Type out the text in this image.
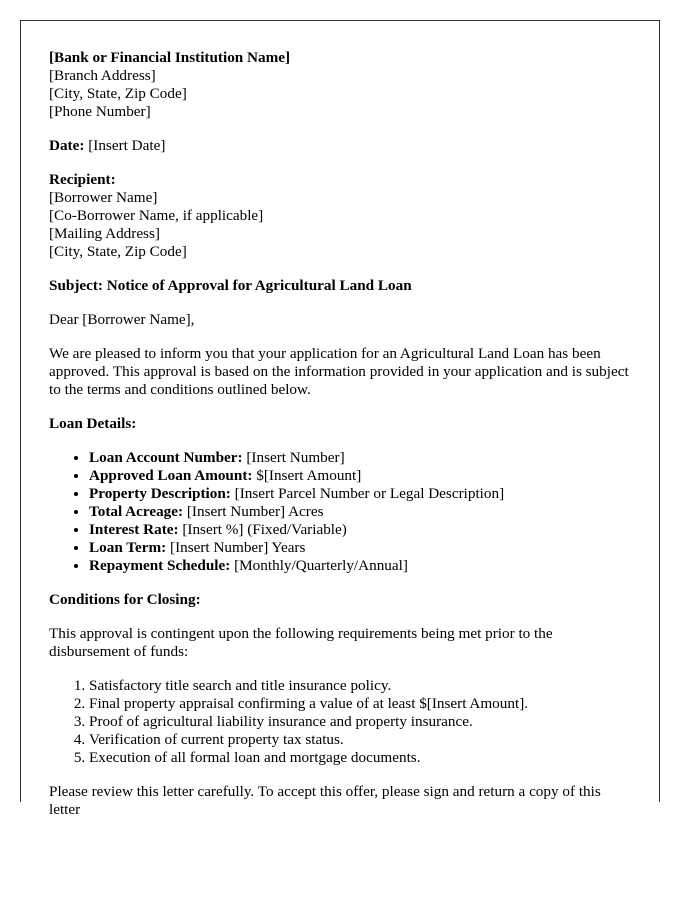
[Bank or Financial Institution Name]
[Branch Address]
[City, State, Zip Code]
[Phone Number]

Date: [Insert Date]

Recipient:
[Borrower Name]
[Co-Borrower Name, if applicable]
[Mailing Address]
[City, State, Zip Code]

Subject: Notice of Approval for Agricultural Land Loan

Dear [Borrower Name],

We are pleased to inform you that your application for an Agricultural Land Loan has been approved. This approval is based on the information provided in your application and is subject to the terms and conditions outlined below.

Loan Details:

• Loan Account Number: [Insert Number]
• Approved Loan Amount: $[Insert Amount]
• Property Description: [Insert Parcel Number or Legal Description]
• Total Acreage: [Insert Number] Acres
• Interest Rate: [Insert %] (Fixed/Variable)
• Loan Term: [Insert Number] Years
• Repayment Schedule: [Monthly/Quarterly/Annual]

Conditions for Closing:

This approval is contingent upon the following requirements being met prior to the disbursement of funds:

1. Satisfactory title search and title insurance policy.
2. Final property appraisal confirming a value of at least $[Insert Amount].
3. Proof of agricultural liability insurance and property insurance.
4. Verification of current property tax status.
5. Execution of all formal loan and mortgage documents.

Please review this letter carefully. To accept this offer, please sign and return a copy of this letter
